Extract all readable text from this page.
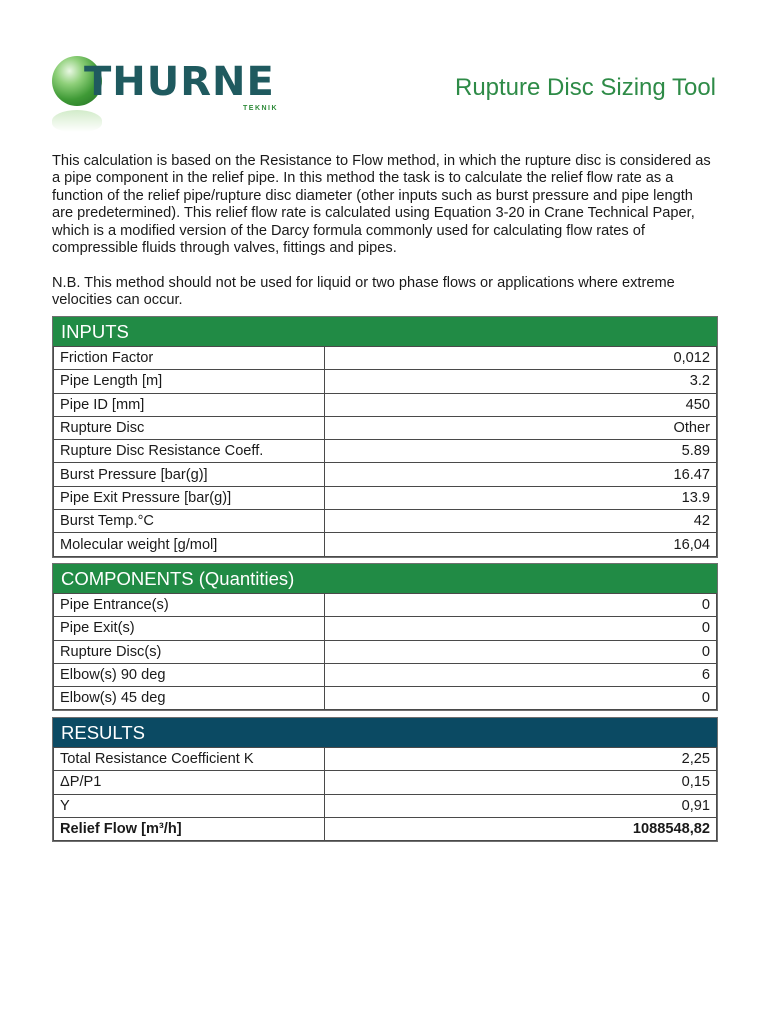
THURNE
TEKNIK
Rupture Disc Sizing Tool

This calculation is based on the Resistance to Flow method, in which the rupture disc is considered as a pipe component in the relief pipe. In this method the task is to calculate the relief flow rate as a function of the relief pipe/rupture disc diameter (other inputs such as burst pressure and pipe length are predetermined). This relief flow rate is calculated using Equation 3-20 in Crane Technical Paper, which is a modified version of the Darcy formula commonly used for calculating flow rates of compressible fluids through valves, fittings and pipes.

N.B. This method should not be used for liquid or two phase flows or applications where extreme velocities can occur.

INPUTS
Friction Factor	0,012
Pipe Length [m]	3.2
Pipe ID [mm]	450
Rupture Disc	Other
Rupture Disc Resistance Coeff.	5.89
Burst Pressure [bar(g)]	16.47
Pipe Exit Pressure [bar(g)]	13.9
Burst Temp.°C	42
Molecular weight [g/mol]	16,04
COMPONENTS (Quantities)
Pipe Entrance(s)	0
Pipe Exit(s)	0
Rupture Disc(s)	0
Elbow(s) 90 deg	6
Elbow(s) 45 deg	0
RESULTS
Total Resistance Coefficient K	2,25
ΔP/P1	0,15
Y	0,91
Relief Flow [m³/h]	1088548,82
